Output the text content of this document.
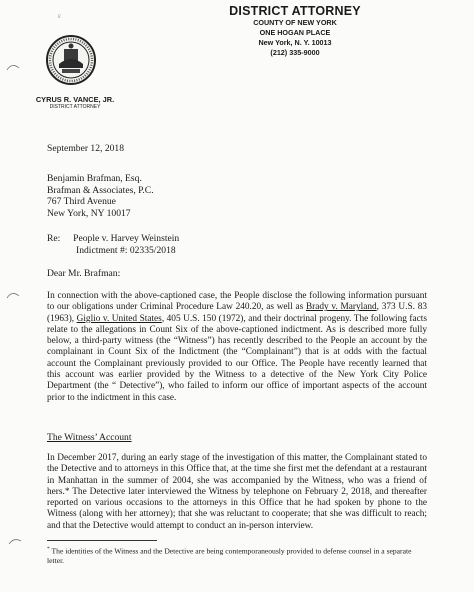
ε	DISTRICT ATTORNEY
COUNTY OF NEW YORK
ONE HOGAN PLACE
New York, N. Y. 10013
(212) 335-9000
CYRUS R. VANCE, JR.
DISTRICT ATTORNEY
September 12, 2018
Benjamin Brafman, Esq.
Brafman & Associates, P.C.
767 Third Avenue
New York, NY 10017
Re: People v. Harvey Weinstein
Indictment #: 02335/2018
Dear Mr. Brafman:
In connection with the above-captioned case, the People disclose the following information pursuant to our obligations under Criminal Procedure Law 240.20, as well as Brady v. Maryland, 373 U.S. 83 (1963), Giglio v. United States, 405 U.S. 150 (1972), and their doctrinal progeny. The following facts relate to the allegations in Count Six of the above-captioned indictment. As is described more fully below, a third-party witness (the “Witness”) has recently described to the People an account by the complainant in Count Six of the Indictment (the “Complainant”) that is at odds with the factual account the Complainant previously provided to our Office. The People have recently learned that this account was earlier provided by the Witness to a detective of the New York City Police Department (the “ Detective”), who failed to inform our office of important aspects of the account prior to the indictment in this case.
The Witness’ Account
In December 2017, during an early stage of the investigation of this matter, the Complainant stated to the Detective and to attorneys in this Office that, at the time she first met the defendant at a restaurant in Manhattan in the summer of 2004, she was accompanied by the Witness, who was a friend of hers.* The Detective later interviewed the Witness by telephone on February 2, 2018, and thereafter reported on various occasions to the attorneys in this Office that he had spoken by phone to the Witness (along with her attorney); that she was reluctant to cooperate; that she was difficult to reach; and that the Detective would attempt to conduct an in-person interview.
* The identities of the Witness and the Detective are being contemporaneously provided to defense counsel in a separate letter.
